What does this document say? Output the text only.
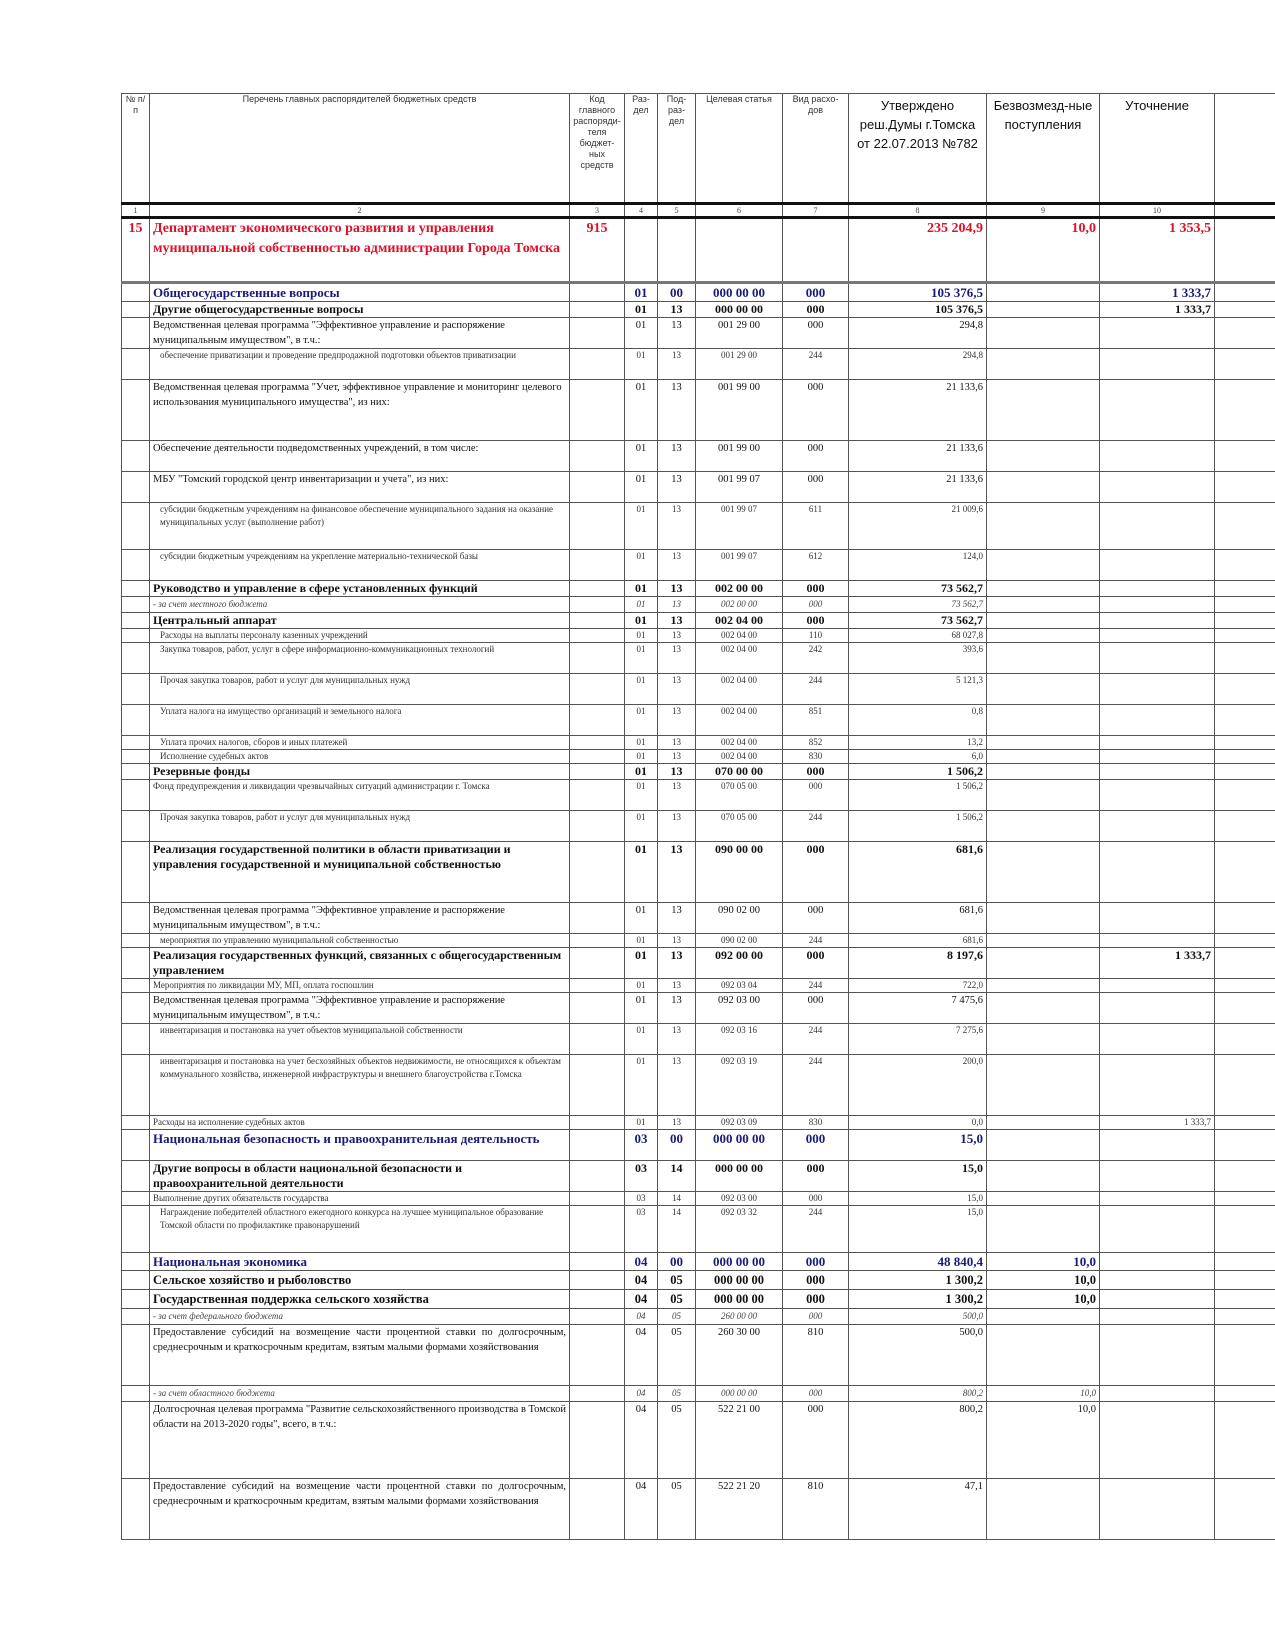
№ п/п	Перечень главных распорядителей бюджетных средств	Код главного распоряди-теля бюджет-ных средств	Раз-дел	Под-раз-дел	Целевая статья	Вид расхо-дов	Утверждено реш.Думы г.Томска от 22.07.2013 №782	Безвозмезд-ные поступления	Уточнение	
1	2	3	4	5	6	7	8	9	10	
15	Департамент экономического развития и управления муниципальной собственностью администрации Города Томска	915					235 204,9	10,0	1 353,5	
	Общегосударственные вопросы		01	00	000 00 00	000	105 376,5		1 333,7	
	Другие общегосударственные вопросы		01	13	000 00 00	000	105 376,5		1 333,7	
	Ведомственная целевая программа "Эффективное управление и распоряжение муниципальным имуществом", в т.ч.:		01	13	001 29 00	000	294,8			
	обеспечение приватизации и проведение предпродажной подготовки объектов приватизации		01	13	001 29 00	244	294,8			
	Ведомственная целевая программа "Учет, эффективное управление и мониторинг целевого использования муниципального имущества", из них:		01	13	001 99 00	000	21 133,6			
	Обеспечение деятельности подведомственных учреждений, в том числе:		01	13	001 99 00	000	21 133,6			
	МБУ "Томский городской центр инвентаризации и учета", из них:		01	13	001 99 07	000	21 133,6			
	субсидии бюджетным учреждениям на финансовое обеспечение муниципального задания на оказание муниципальных услуг (выполнение работ)		01	13	001 99 07	611	21 009,6			
	субсидии бюджетным учреждениям на укрепление материально-технической базы		01	13	001 99 07	612	124,0			
	Руководство и управление в сфере установленных функций		01	13	002 00 00	000	73 562,7			
	- за счет местного бюджета		01	13	002 00 00	000	73 562,7			
	Центральный аппарат		01	13	002 04 00	000	73 562,7			
	Расходы на выплаты персоналу казенных учреждений		01	13	002 04 00	110	68 027,8			
	Закупка товаров, работ, услуг в сфере информационно-коммуникационных технологий		01	13	002 04 00	242	393,6			
	Прочая закупка товаров, работ и услуг для муниципальных нужд		01	13	002 04 00	244	5 121,3			
	Уплата налога на имущество организаций и земельного налога		01	13	002 04 00	851	0,8			
	Уплата прочих налогов, сборов и иных платежей		01	13	002 04 00	852	13,2			
	Исполнение судебных актов		01	13	002 04 00	830	6,0			
	Резервные фонды		01	13	070 00 00	000	1 506,2			
	Фонд предупреждения и ликвидации чрезвычайных ситуаций администрации г. Томска		01	13	070 05 00	000	1 506,2			
	Прочая закупка товаров, работ и услуг для муниципальных нужд		01	13	070 05 00	244	1 506,2			
	Реализация государственной политики в области приватизации и управления государственной и муниципальной собственностью		01	13	090 00 00	000	681,6			
	Ведомственная целевая программа "Эффективное управление и распоряжение муниципальным имуществом", в т.ч.:		01	13	090 02 00	000	681,6			
	мероприятия по управлению муниципальной собственностью		01	13	090 02 00	244	681,6			
	Реализация государственных функций, связанных с общегосударственным управлением		01	13	092 00 00	000	8 197,6		1 333,7	
	Мероприятия по ликвидации МУ, МП, оплата госпошлин		01	13	092 03 04	244	722,0			
	Ведомственная целевая программа "Эффективное управление и распоряжение муниципальным имуществом", в т.ч.:		01	13	092 03 00	000	7 475,6			
	инвентаризация и постановка на учет объектов муниципальной собственности		01	13	092 03 16	244	7 275,6			
	инвентаризация и постановка на учет бесхозяйных объектов недвижимости, не относящихся к объектам коммунального хозяйства, инженерной инфраструктуры и внешнего благоустройства г.Томска		01	13	092 03 19	244	200,0			
	Расходы на исполнение судебных актов		01	13	092 03 09	830	0,0		1 333,7	
	Национальная безопасность и правоохранительная деятельность		03	00	000 00 00	000	15,0			
	Другие вопросы в области национальной безопасности и правоохранительной деятельности		03	14	000 00 00	000	15,0			
	Выполнение других обязательств государства		03	14	092 03 00	000	15,0			
	Награждение победителей областного ежегодного конкурса на лучшее муниципальное образование Томской области по профилактике правонарушений		03	14	092 03 32	244	15,0			
	Национальная экономика		04	00	000 00 00	000	48 840,4	10,0		
	Сельское хозяйство и рыболовство		04	05	000 00 00	000	1 300,2	10,0		
	Государственная поддержка сельского хозяйства		04	05	000 00 00	000	1 300,2	10,0		
	- за счет федерального бюджета		04	05	260 00 00	000	500,0			
	Предоставление субсидий на возмещение части процентной ставки по долгосрочным, среднесрочным и краткосрочным кредитам, взятым малыми формами хозяйствования		04	05	260 30 00	810	500,0			
	- за счет областного бюджета		04	05	000 00 00	000	800,2	10,0		
	Долгосрочная целевая программа "Развитие сельскохозяйственного производства в Томской области на 2013-2020 годы", всего, в т.ч.:		04	05	522 21 00	000	800,2	10,0		
	Предоставление субсидий на возмещение части процентной ставки по долгосрочным, среднесрочным и краткосрочным кредитам, взятым малыми формами хозяйствования		04	05	522 21 20	810	47,1			
